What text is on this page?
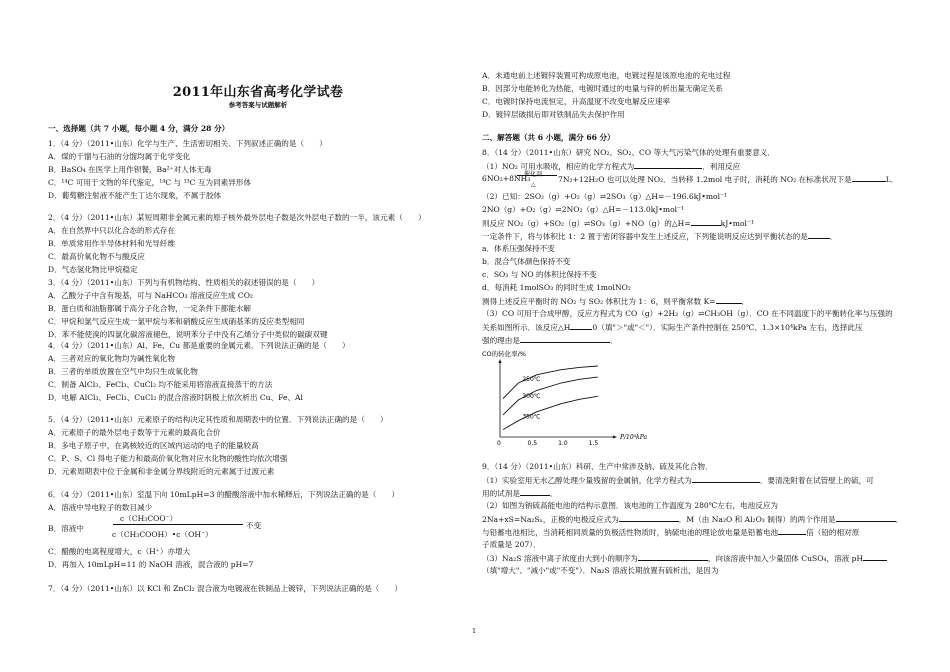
2011年山东省高考化学试卷
参考答案与试题解析
一、选择题（共 7 小题，每小题 4 分，满分 28 分）
1．（4 分）（2011•山东）化学与生产、生活密切相关．下列叙述正确的是（　　）
A．煤的干馏与石油的分馏均属于化学变化
B．BaSO₄ 在医学上用作钡餐，Ba²⁺对人体无毒
C．¹⁴C 可用于文物的年代鉴定，¹⁴C 与 ¹³C 互为同素异形体
D．葡萄糖注射液不能产生丁达尔现象，不属于胶体
2．（4 分）（2011•山东）某短周期非金属元素的原子核外最外层电子数是次外层电子数的一半，该元素（　　）
A．在自然界中只以化合态的形式存在
B．单质常用作半导体材料和光导纤维
C．最高价氧化物不与酸反应
D．气态氢化物比甲烷稳定
3．（4 分）（2011•山东）下列与有机物结构、性质相关的叙述错误的是（　　）
A．乙酸分子中含有羧基，可与 NaHCO₃ 溶液反应生成 CO₂
B．蛋白质和油脂都属于高分子化合物，一定条件下都能水解
C．甲烷和氯气反应生成一氯甲烷与苯和硝酸反应生成硝基苯的反应类型相同
D．苯不能使溴的四氯化碳溶液褪色，说明苯分子中没有乙烯分子中类似的碳碳双键
4．（4 分）（2011•山东）Al、Fe、Cu 都是重要的金属元素．下列说法正确的是（　　）
A．三者对应的氧化物均为碱性氧化物
B．三者的单质放置在空气中均只生成氧化物
C．制备 AlCl₃、FeCl₃、CuCl₂ 均不能采用将溶液直接蒸干的方法
D．电解 AlCl₃、FeCl₃、CuCl₂ 的混合溶液时阴极上依次析出 Cu、Fe、Al
5．（4 分）（2011•山东）元素原子的结构决定其性质和周期表中的位置．下列说法正确的是（　　）
A．元素原子的最外层电子数等于元素的最高化合价
B．多电子原子中，在离核较近的区域内运动的电子的能量较高
C．P、S、Cl 得电子能力和最高价氧化物对应水化物的酸性均依次增强
D．元素周期表中位于金属和非金属分界线附近的元素属于过渡元素
6．（4 分）（2011•山东）室温下向 10mLpH=3 的醋酸溶液中加水稀释后，下列说法正确的是（　　）
A．溶液中导电粒子的数目减少
B．溶液中
c（CH₃COO⁻）
c（CH₃COOH）•c（OH⁻）
不变
C．醋酸的电离程度增大，c（H⁺）亦增大
D．再加入 10mLpH=11 的 NaOH 溶液，混合液的 pH=7
7．（4 分）（2011•山东）以 KCl 和 ZnCl₂ 混合液为电镀液在铁制品上镀锌，下列说法正确的是（　　）
A．未通电前上述镀锌装置可构成原电池，电镀过程是该原电池的充电过程
B．因部分电能转化为热能，电镀时通过的电量与锌的析出量无确定关系
C．电镀时保持电流恒定，升高温度不改变电解反应速率
D．镀锌层破损后即对铁制品失去保护作用
二、解答题（共 6 小题，满分 66 分）
8．（14 分）（2011•山东）研究 NO₂、SO₂、CO 等大气污染气体的处理有重要意义．
（1）NO₂ 可用水吸收，相应的化学方程式为	．利用反应
催化剂
△
6NO₂+8NH₃	7N₂+12H₂O 也可以处理 NO₂．当转移 1.2mol 电子时，消耗的 NO₂ 在标准状况下是	L．
（2）已知：2SO₂（g）+O₂（g）⇌2SO₃（g）△H=－196.6kJ•mol⁻¹
2NO（g）+O₂（g）⇌2NO₂（g）△H=－113.0kJ•mol⁻¹
则反应 NO₂（g）+SO₂（g）⇌SO₃（g）+NO（g）的△H=	kJ•mol⁻¹
一定条件下，将与体积比 1：2 置于密闭容器中发生上述反应，下列能说明反应达到平衡状态的是	．
a．体系压强保持不变
b．混合气体颜色保持不变
c．SO₃ 与 NO 的体积比保持不变
d．每消耗 1molSO₃ 的同时生成 1molNO₂
测得上述反应平衡时的 NO₂ 与 SO₂ 体积比为 1：6，则平衡常数 K=	．
（3）CO 可用于合成甲醇，反应方程式为 CO（g）+2H₂（g）⇌CH₃OH（g）．CO 在不同温度下的平衡转化率与压强的
关系如图所示．该反应△H	0（填"＞"或"＜"）．实际生产条件控制在 250℃、1.3×10⁴kPa 左右，选择此压
强的理由是	．
9．（14 分）（2011•山东）科研、生产中常涉及钠、硫及其化合物．
（1）实验室用无水乙醇处理少量残留的金属钠，化学方程式为	．要清洗附着在试管壁上的硫，可
用的试剂是	．
（2）如图为钠硫高能电池的结构示意图．该电池的工作温度为 280℃左右，电池反应为
2Na+xS=Na₂Sₓ，正极的电极反应式为	．M（由 Na₂O 和 Al₂O₃ 制得）的两个作用是	．
与铅蓄电池相比，当消耗相同质量的负极活性物质时，钠硫电池的理论放电量是铅蓄电池	倍（铅的相对原
子质量是 207）．
（3）Na₂S 溶液中离子浓度由大到小的顺序为	，向该溶液中加入少量固体 CuSO₄，溶液 pH
（填"增大"、"减小"或"不变"）．Na₂S 溶液长期放置有硫析出，是因为
CO的转化率/%
P/10⁴kPa
0	0.5	1.0	1.5
250℃
300℃
350℃
1
